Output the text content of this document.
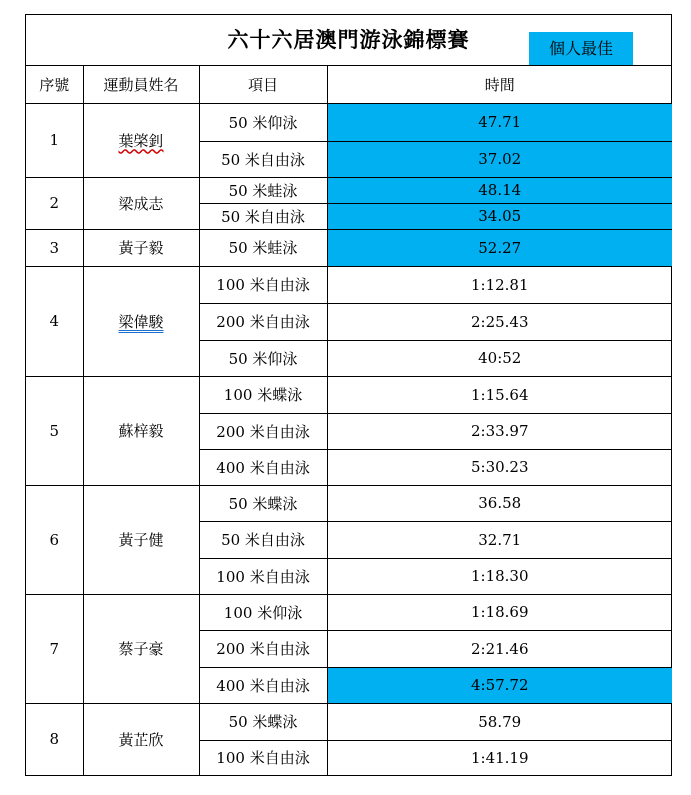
六十六居澳門游泳錦標賽	個人最佳
序號	運動員姓名	項目	時間
1	葉棨釗	50 米仰泳	47.71
		50 米自由泳	37.02
2	梁成志	50 米蛙泳	48.14
		50 米自由泳	34.05
3	黃子毅	50 米蛙泳	52.27
4	梁偉駿	100 米自由泳	1:12.81
		200 米自由泳	2:25.43
		50 米仰泳	40:52
5	蘇梓毅	100 米蝶泳	1:15.64
		200 米自由泳	2:33.97
		400 米自由泳	5:30.23
6	黃子健	50 米蝶泳	36.58
		50 米自由泳	32.71
		100 米自由泳	1:18.30
7	蔡子豪	100 米仰泳	1:18.69
		200 米自由泳	2:21.46
		400 米自由泳	4:57.72
8	黃芷欣	50 米蝶泳	58.79
		100 米自由泳	1:41.19
